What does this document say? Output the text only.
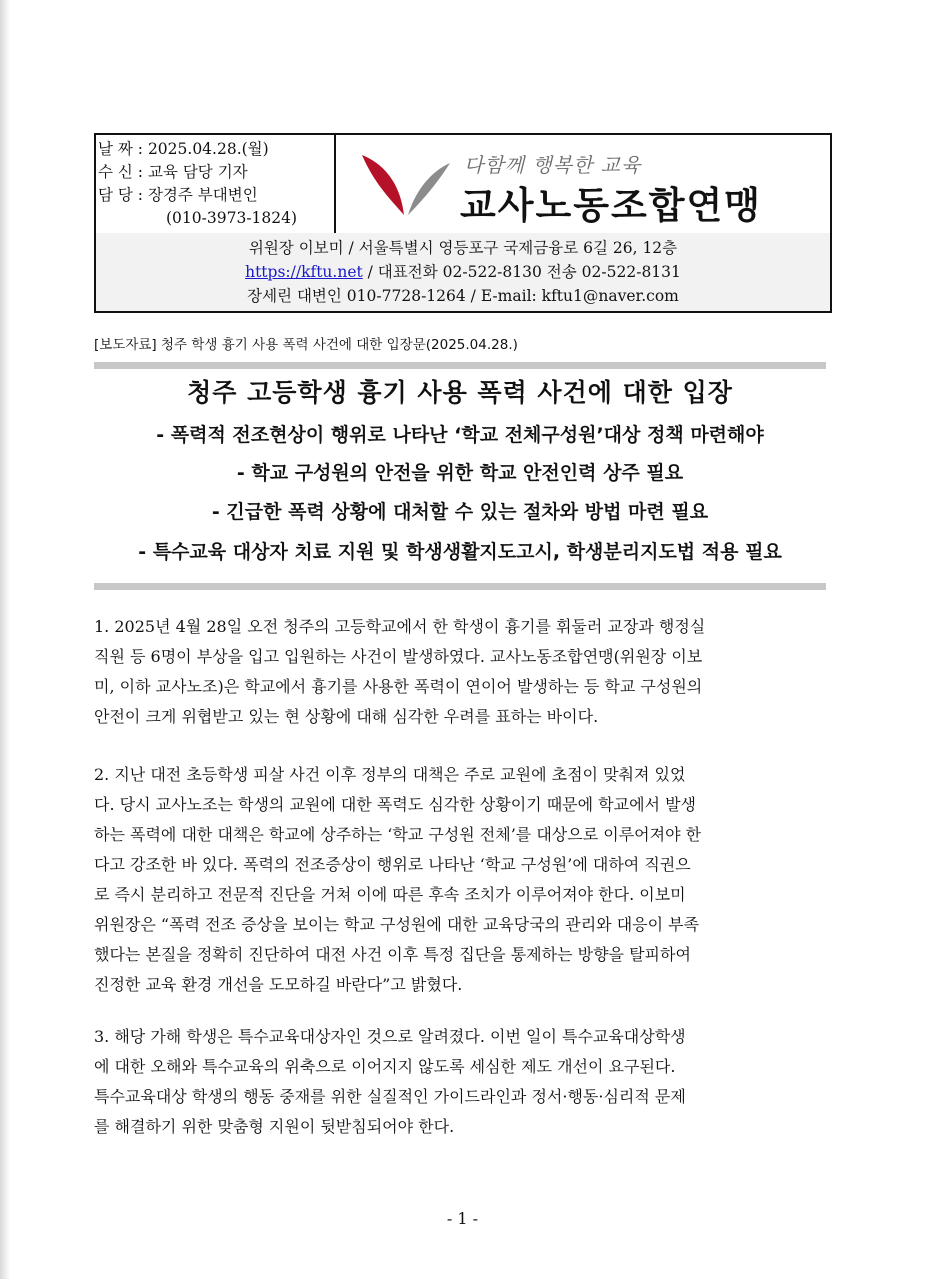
날 짜 : 2025.04.28.(월)
수 신 : 교육 담당 기자
담 당 : 장경주 부대변인
(010-3973-1824)
다함께 행복한 교육
교사노동조합연맹
위원장 이보미 / 서울특별시 영등포구 국제금융로 6길 26, 12층
https://kftu.net / 대표전화 02-522-8130 전송 02-522-8131
장세린 대변인 010-7728-1264 / E-mail: kftu1@naver.com
[보도자료] 청주 학생 흉기 사용 폭력 사건에 대한 입장문(2025.04.28.)
청주 고등학생 흉기 사용 폭력 사건에 대한 입장
- 폭력적 전조현상이 행위로 나타난 ‘학교 전체구성원’대상 정책 마련해야
- 학교 구성원의 안전을 위한 학교 안전인력 상주 필요
- 긴급한 폭력 상황에 대처할 수 있는 절차와 방법 마련 필요
- 특수교육 대상자 치료 지원 및 학생생활지도고시, 학생분리지도법 적용 필요
1. 2025년 4월 28일 오전 청주의 고등학교에서 한 학생이 흉기를 휘둘러 교장과 행정실
직원 등 6명이 부상을 입고 입원하는 사건이 발생하였다. 교사노동조합연맹(위원장 이보
미, 이하 교사노조)은 학교에서 흉기를 사용한 폭력이 연이어 발생하는 등 학교 구성원의
안전이 크게 위협받고 있는 현 상황에 대해 심각한 우려를 표하는 바이다.
2. 지난 대전 초등학생 피살 사건 이후 정부의 대책은 주로 교원에 초점이 맞춰져 있었
다. 당시 교사노조는 학생의 교원에 대한 폭력도 심각한 상황이기 때문에 학교에서 발생
하는 폭력에 대한 대책은 학교에 상주하는 ‘학교 구성원 전체’를 대상으로 이루어져야 한
다고 강조한 바 있다. 폭력의 전조증상이 행위로 나타난 ‘학교 구성원’에 대하여 직권으
로 즉시 분리하고 전문적 진단을 거쳐 이에 따른 후속 조치가 이루어져야 한다. 이보미
위원장은 “폭력 전조 증상을 보이는 학교 구성원에 대한 교육당국의 관리와 대응이 부족
했다는 본질을 정확히 진단하여 대전 사건 이후 특정 집단을 통제하는 방향을 탈피하여
진정한 교육 환경 개선을 도모하길 바란다”고 밝혔다.
3. 해당 가해 학생은 특수교육대상자인 것으로 알려졌다. 이번 일이 특수교육대상학생
에 대한 오해와 특수교육의 위축으로 이어지지 않도록 세심한 제도 개선이 요구된다.
특수교육대상 학생의 행동 중재를 위한 실질적인 가이드라인과 정서·행동·심리적 문제
를 해결하기 위한 맞춤형 지원이 뒷받침되어야 한다.
- 1 -
